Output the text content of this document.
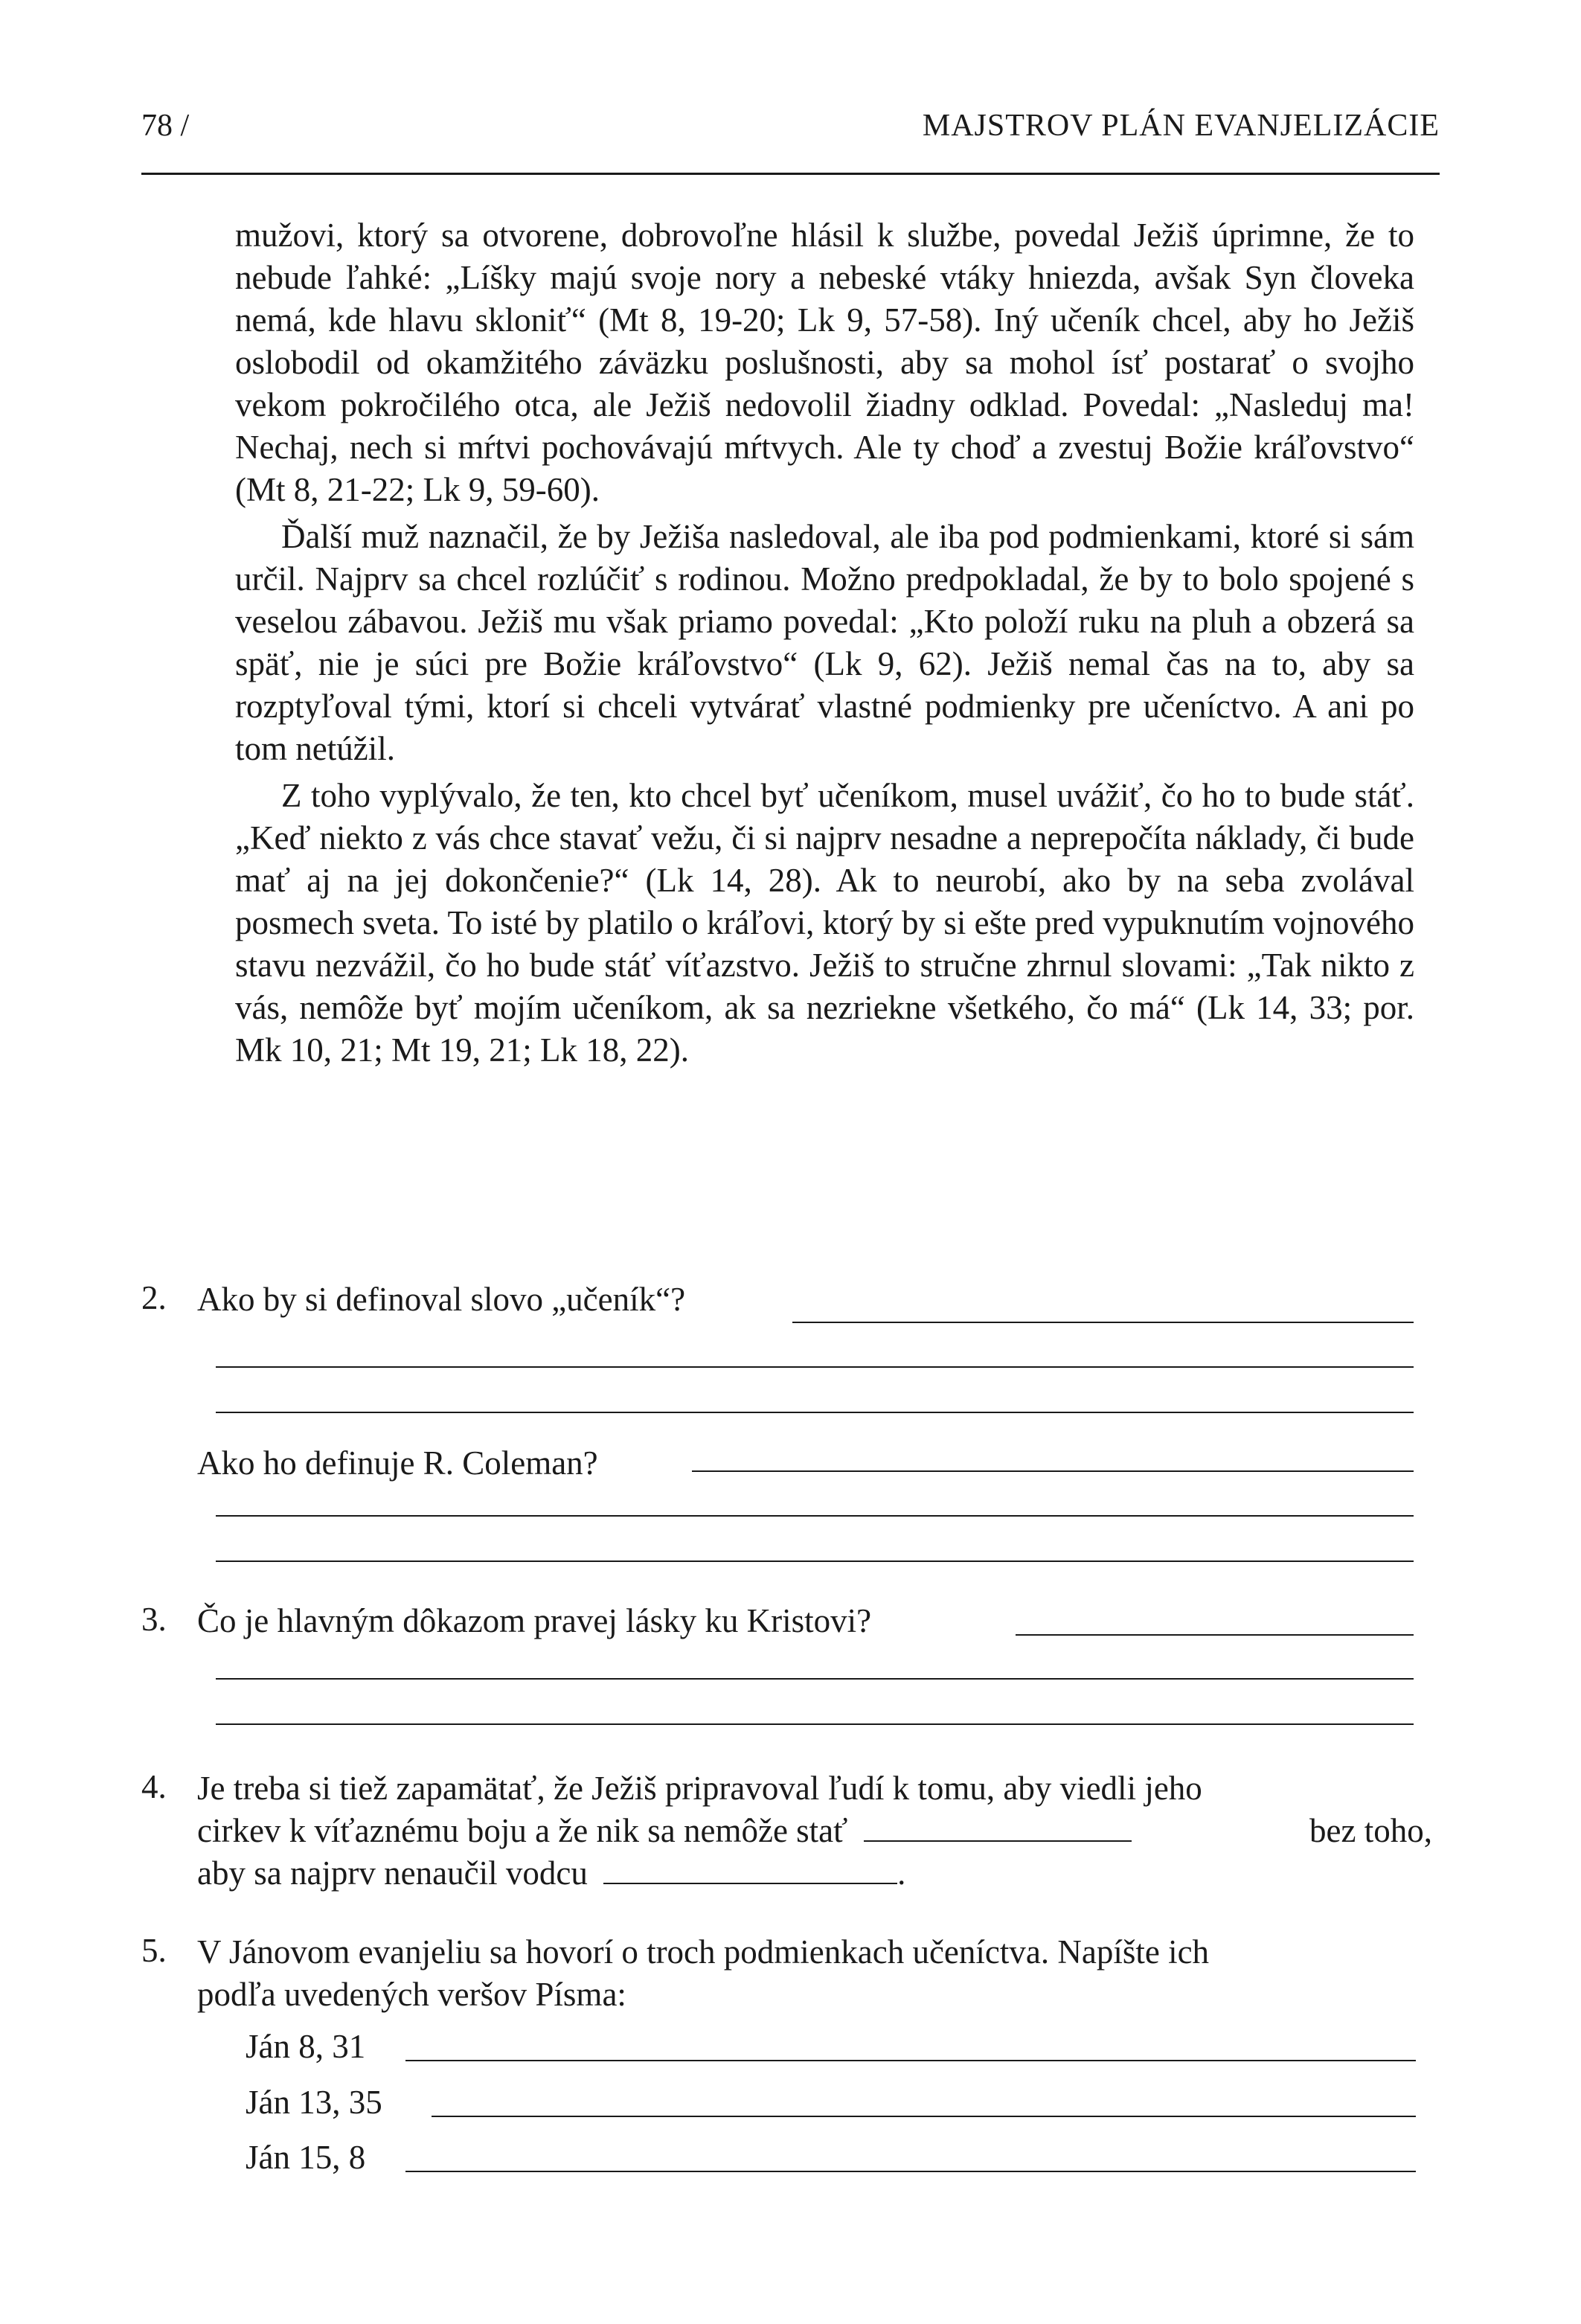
78 /	MAJSTROV PLÁN EVANJELIZÁCIE

mužovi, ktorý sa otvorene, dobrovoľne hlásil k službe, povedal Ježiš úprimne, že to nebude ľahké: „Líšky majú svoje nory a nebeské vtáky hniezda, avšak Syn človeka nemá, kde hlavu skloniť“ (Mt 8, 19-20; Lk 9, 57-58). Iný učeník chcel, aby ho Ježiš oslobodil od okamžitého záväzku poslušnosti, aby sa mohol ísť postarať o svojho vekom pokročilého otca, ale Ježiš nedovolil žiadny odklad. Povedal: „Nasleduj ma! Nechaj, nech si mŕtvi pochovávajú mŕtvych. Ale ty choď a zvestuj Božie kráľovstvo“ (Mt 8, 21-22; Lk 9, 59-60).

Ďalší muž naznačil, že by Ježiša nasledoval, ale iba pod podmienkami, ktoré si sám určil. Najprv sa chcel rozlúčiť s rodinou. Možno predpokladal, že by to bolo spojené s veselou zábavou. Ježiš mu však priamo povedal: „Kto položí ruku na pluh a obzerá sa späť, nie je súci pre Božie kráľovstvo“ (Lk 9, 62). Ježiš nemal čas na to, aby sa rozptyľoval tými, ktorí si chceli vytvárať vlastné podmienky pre učeníctvo. A ani po tom netúžil.

Z toho vyplývalo, že ten, kto chcel byť učeníkom, musel uvážiť, čo ho to bude stáť. „Keď niekto z vás chce stavať vežu, či si najprv nesadne a neprepočíta náklady, či bude mať aj na jej dokončenie?“ (Lk 14, 28). Ak to neurobí, ako by na seba zvolával posmech sveta. To isté by platilo o kráľovi, ktorý by si ešte pred vypuknutím vojnového stavu nezvážil, čo ho bude stáť víťazstvo. Ježiš to stručne zhrnul slovami: „Tak nikto z vás, nemôže byť mojím učeníkom, ak sa nezriekne všetkého, čo má“ (Lk 14, 33; por. Mk 10, 21; Mt 19, 21; Lk 18, 22).

2. Ako by si definoval slovo „učeník“?
Ako ho definuje R. Coleman?
3. Čo je hlavným dôkazom pravej lásky ku Kristovi?
4. Je treba si tiež zapamätať, že Ježiš pripravoval ľudí k tomu, aby viedli jeho
cirkev k víťaznému boju a že nik sa nemôže stať	bez toho,
aby sa najprv nenaučil vodcu	.
5. V Jánovom evanjeliu sa hovorí o troch podmienkach učeníctva. Napíšte ich
podľa uvedených veršov Písma:
Ján 8, 31
Ján 13, 35
Ján 15, 8
